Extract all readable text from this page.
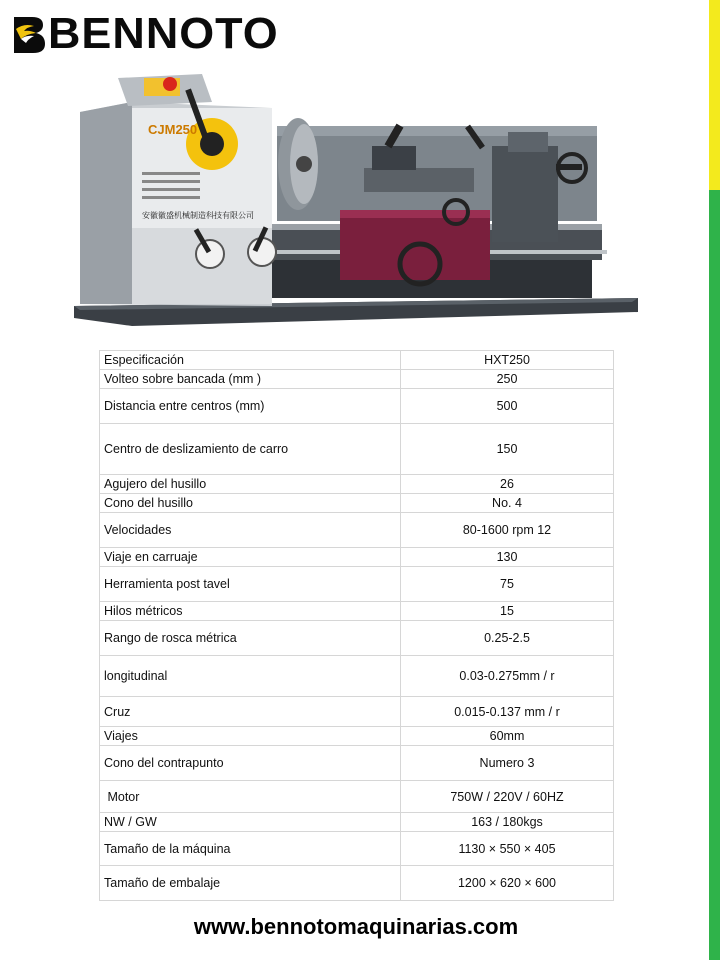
BENNOTO
CJM250
安徽徽盛机械制造科技有限公司
Especificación	HXT250
Volteo sobre bancada (mm )	250
Distancia entre centros (mm)	500
Centro de deslizamiento de carro	150
Agujero del husillo	26
Cono del husillo	No. 4
Velocidades	80-1600 rpm 12
Viaje en carruaje	130
Herramienta post tavel	75
Hilos métricos	15
Rango de rosca métrica	0.25-2.5
longitudinal	0.03-0.275mm / r
Cruz	0.015-0.137 mm / r
Viajes	60mm
Cono del contrapunto	Numero 3
Motor	750W / 220V / 60HZ
NW / GW	163 / 180kgs
Tamaño de la máquina	1130 × 550 × 405
Tamaño de embalaje	1200 × 620 × 600
www.bennotomaquinarias.com
